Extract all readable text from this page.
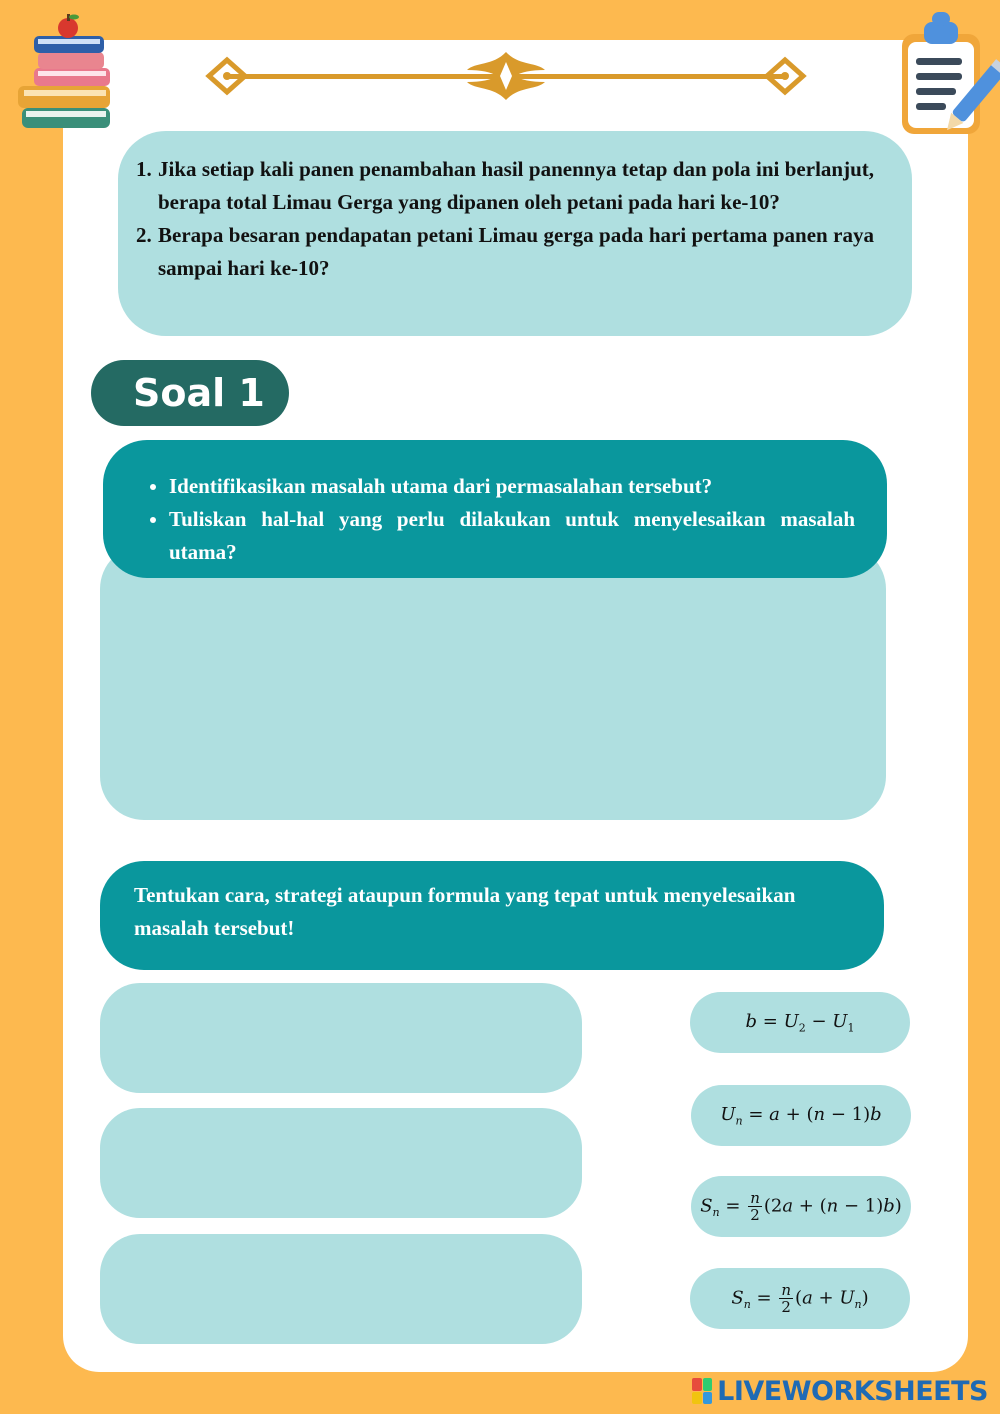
1. Jika setiap kali panen penambahan hasil panennya tetap dan pola ini berlanjut, berapa total Limau Gerga yang dipanen oleh petani pada hari ke-10?
2. Berapa besaran pendapatan petani Limau gerga pada hari pertama panen raya sampai hari ke-10?
Soal 1
• Identifikasikan masalah utama dari permasalahan tersebut?
• Tuliskan hal-hal yang perlu dilakukan untuk menyelesaikan masalah utama?
Tentukan cara, strategi ataupun formula yang tepat untuk menyelesaikan masalah tersebut!
$b = U_2 - U_1$
$U_n = a + (n - 1)b$
$S_n = \frac{n}{2} (2a + (n - 1)b)$
$S_n = \frac{n}{2} (a + U_n)$
LIVEWORKSHEETS
